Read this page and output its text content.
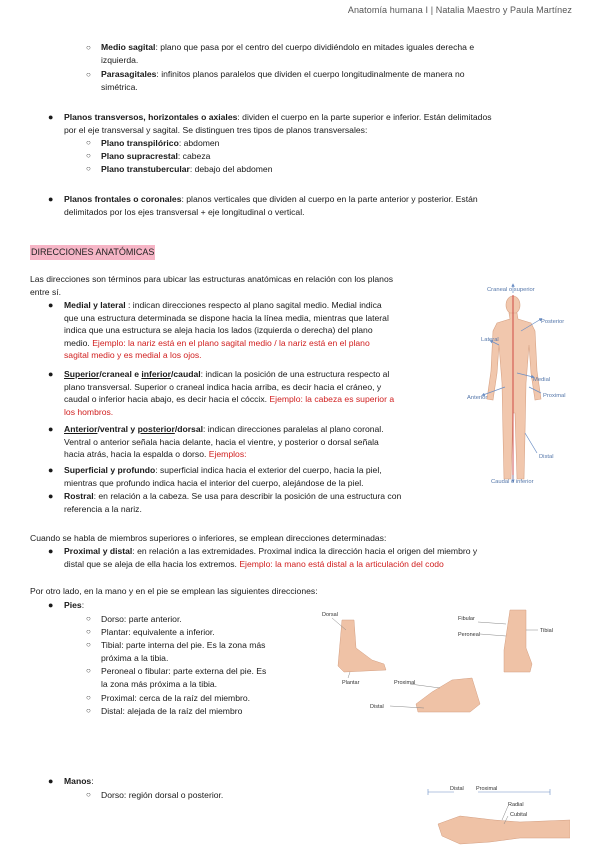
Anatomía humana I | Natalia Maestro y Paula Martínez
○ Medio sagital: plano que pasa por el centro del cuerpo dividiéndolo en mitades iguales derecha e
izquierda.
○ Parasagitales: infinitos planos paralelos que dividen el cuerpo longitudinalmente de manera no
simétrica.
● Planos transversos, horizontales o axiales: dividen el cuerpo en la parte superior e inferior. Están delimitados
por el eje transversal y sagital. Se distinguen tres tipos de planos transversales:
○ Plano transpilórico: abdomen
○ Plano supracrestal: cabeza
○ Plano transtubercular: debajo del abdomen
● Planos frontales o coronales: planos verticales que dividen al cuerpo en la parte anterior y posterior. Están
delimitados por los ejes transversal + eje longitudinal o vertical.
DIRECCIONES ANATÓMICAS
Las direcciones son términos para ubicar las estructuras anatómicas en relación con los planos
entre sí.
● Medial y lateral : indican direcciones respecto al plano sagital medio. Medial indica
que una estructura determinada se dispone hacia la línea media, mientras que lateral
indica que una estructura se aleja hacia los lados (izquierda o derecha) del plano
medio. Ejemplo: la nariz está en el plano sagital medio / la nariz está en el plano
sagital medio y es medial a los ojos.
● Superior/craneal e inferior/caudal: indican la posición de una estructura respecto al
plano transversal. Superior o craneal indica hacia arriba, es decir hacia el cráneo, y
caudal o inferior hacia abajo, es decir hacia el cóccix. Ejemplo: la cabeza es superior a
los hombros.
● Anterior/ventral y posterior/dorsal: indican direcciones paralelas al plano coronal.
Ventral o anterior señala hacia delante, hacia el vientre, y posterior o dorsal señala
hacia atrás, hacia la espalda o dorso. Ejemplos:
● Superficial y profundo: superficial indica hacia el exterior del cuerpo, hacia la piel,
mientras que profundo indica hacia el interior del cuerpo, alejándose de la piel.
● Rostral: en relación a la cabeza. Se usa para describir la posición de una estructura con
referencia a la nariz.
Craneal o superior
Posterior
Lateral
Medial
Anterior	Proximal
Distal
Caudal o inferior
Cuando se habla de miembros superiores o inferiores, se emplean direcciones determinadas:
● Proximal y distal: en relación a las extremidades. Proximal indica la dirección hacia el origen del miembro y
distal que se aleja de ella hacia los extremos. Ejemplo: la mano está distal a la articulación del codo
Por otro lado, en la mano y en el pie se emplean las siguientes direcciones:
● Pies:
○ Dorso: parte anterior.
○ Plantar: equivalente a inferior.
○ Tibial: parte interna del pie. Es la zona más
próxima a la tibia.
○ Peroneal o fibular: parte externa del pie. Es
la zona más próxima a la tibia.
○ Proximal: cerca de la raíz del miembro.
○ Distal: alejada de la raíz del miembro
Dorsal
Plantar
Fibular
Peroneal
Tibial
Proximal
Distal
● Manos:
○ Dorso: región dorsal o posterior.
Distal Proximal
Radial
Cubital
